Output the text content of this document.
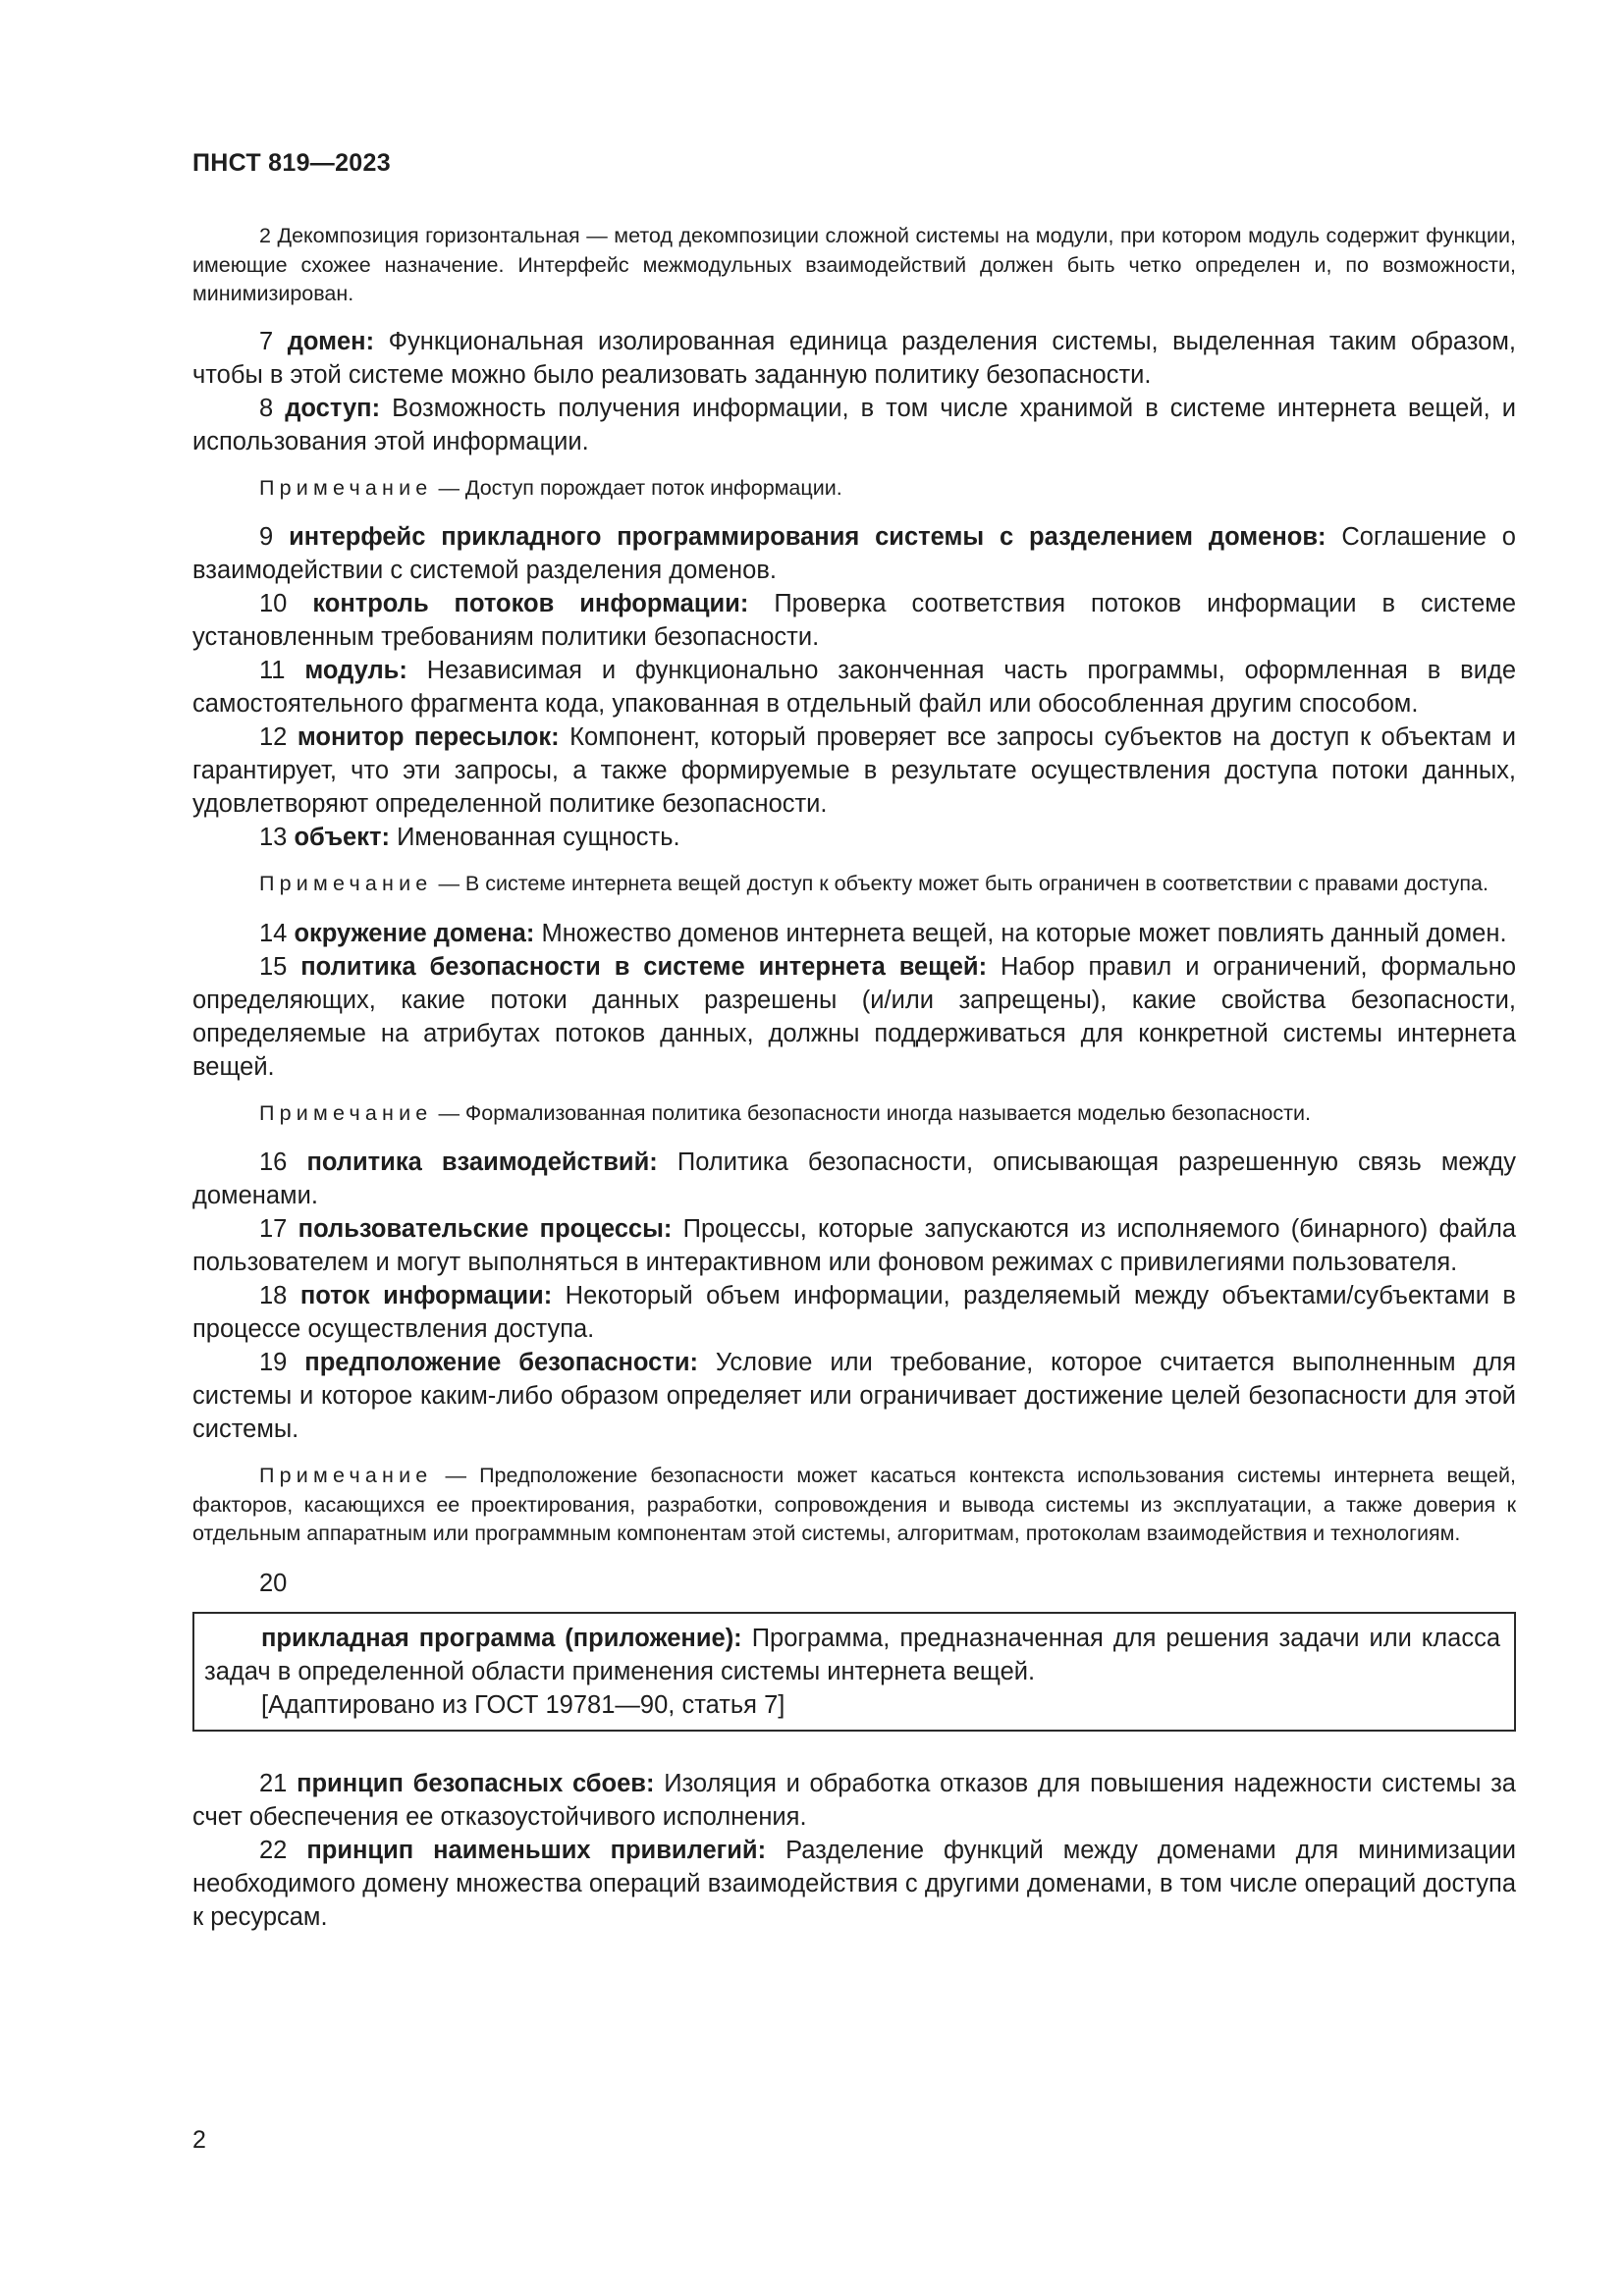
ПНСТ 819—2023

2 Декомпозиция горизонтальная — метод декомпозиции сложной системы на модули, при котором модуль содержит функции, имеющие схожее назначение. Интерфейс межмодульных взаимодействий должен быть четко определен и, по возможности, минимизирован.

7 домен: Функциональная изолированная единица разделения системы, выделенная таким образом, чтобы в этой системе можно было реализовать заданную политику безопасности.

8 доступ: Возможность получения информации, в том числе хранимой в системе интернета вещей, и использования этой информации.

Примечание — Доступ порождает поток информации.

9 интерфейс прикладного программирования системы с разделением доменов: Соглашение о взаимодействии с системой разделения доменов.

10 контроль потоков информации: Проверка соответствия потоков информации в системе установленным требованиям политики безопасности.

11 модуль: Независимая и функционально законченная часть программы, оформленная в виде самостоятельного фрагмента кода, упакованная в отдельный файл или обособленная другим способом.

12 монитор пересылок: Компонент, который проверяет все запросы субъектов на доступ к объектам и гарантирует, что эти запросы, а также формируемые в результате осуществления доступа потоки данных, удовлетворяют определенной политике безопасности.

13 объект: Именованная сущность.

Примечание — В системе интернета вещей доступ к объекту может быть ограничен в соответствии с правами доступа.

14 окружение домена: Множество доменов интернета вещей, на которые может повлиять данный домен.

15 политика безопасности в системе интернета вещей: Набор правил и ограничений, формально определяющих, какие потоки данных разрешены (и/или запрещены), какие свойства безопасности, определяемые на атрибутах потоков данных, должны поддерживаться для конкретной системы интернета вещей.

Примечание — Формализованная политика безопасности иногда называется моделью безопасности.

16 политика взаимодействий: Политика безопасности, описывающая разрешенную связь между доменами.

17 пользовательские процессы: Процессы, которые запускаются из исполняемого (бинарного) файла пользователем и могут выполняться в интерактивном или фоновом режимах с привилегиями пользователя.

18 поток информации: Некоторый объем информации, разделяемый между объектами/субъектами в процессе осуществления доступа.

19 предположение безопасности: Условие или требование, которое считается выполненным для системы и которое каким-либо образом определяет или ограничивает достижение целей безопасности для этой системы.

Примечание — Предположение безопасности может касаться контекста использования системы интернета вещей, факторов, касающихся ее проектирования, разработки, сопровождения и вывода системы из эксплуатации, а также доверия к отдельным аппаратным или программным компонентам этой системы, алгоритмам, протоколам взаимодействия и технологиям.

20

прикладная программа (приложение): Программа, предназначенная для решения задачи или класса задач в определенной области применения системы интернета вещей.

[Адаптировано из ГОСТ 19781—90, статья 7]

21 принцип безопасных сбоев: Изоляция и обработка отказов для повышения надежности системы за счет обеспечения ее отказоустойчивого исполнения.

22 принцип наименьших привилегий: Разделение функций между доменами для минимизации необходимого домену множества операций взаимодействия с другими доменами, в том числе операций доступа к ресурсам.

2
